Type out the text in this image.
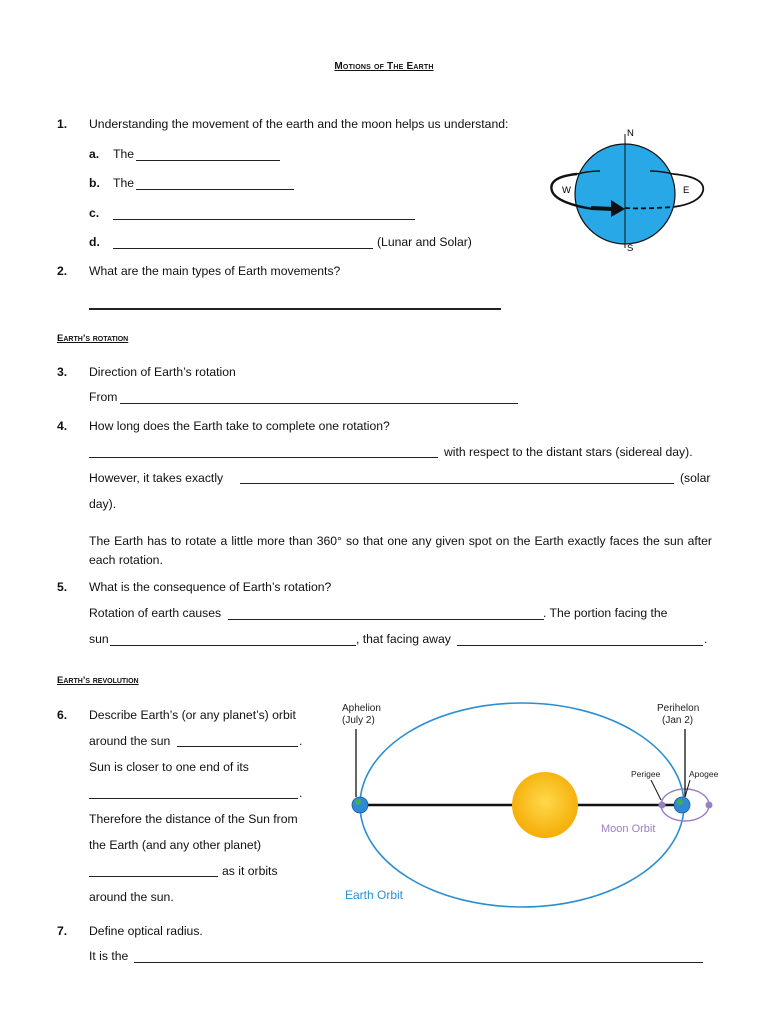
Motions of The Earth
1. Understanding the movement of the earth and the moon helps us understand:
a. The
b. The
c.
d.	(Lunar and Solar)
N
S
W	E
2. What are the main types of Earth movements?
Earth’s rotation
3. Direction of Earth’s rotation
From
4. How long does the Earth take to complete one rotation?
with respect to the distant stars (sidereal day).
However, it takes exactly	(solar
day).
The Earth has to rotate a little more than 360° so that one any given spot on the Earth exactly faces the sun after each rotation.
5. What is the consequence of Earth’s rotation?
Rotation of earth causes	. The portion facing the
sun	, that facing away	.
Earth’s revolution
6. Describe Earth’s (or any planet’s) orbit
around the sun	.
Sun is closer to one end of its
.
Therefore the distance of the Sun from
the Earth (and any other planet)
as it orbits
around the sun.
Aphelion
(July 2)
Perihelon
(Jan 2)
Perigee	Apogee
Moon Orbit
Earth Orbit
7. Define optical radius.
It is the
